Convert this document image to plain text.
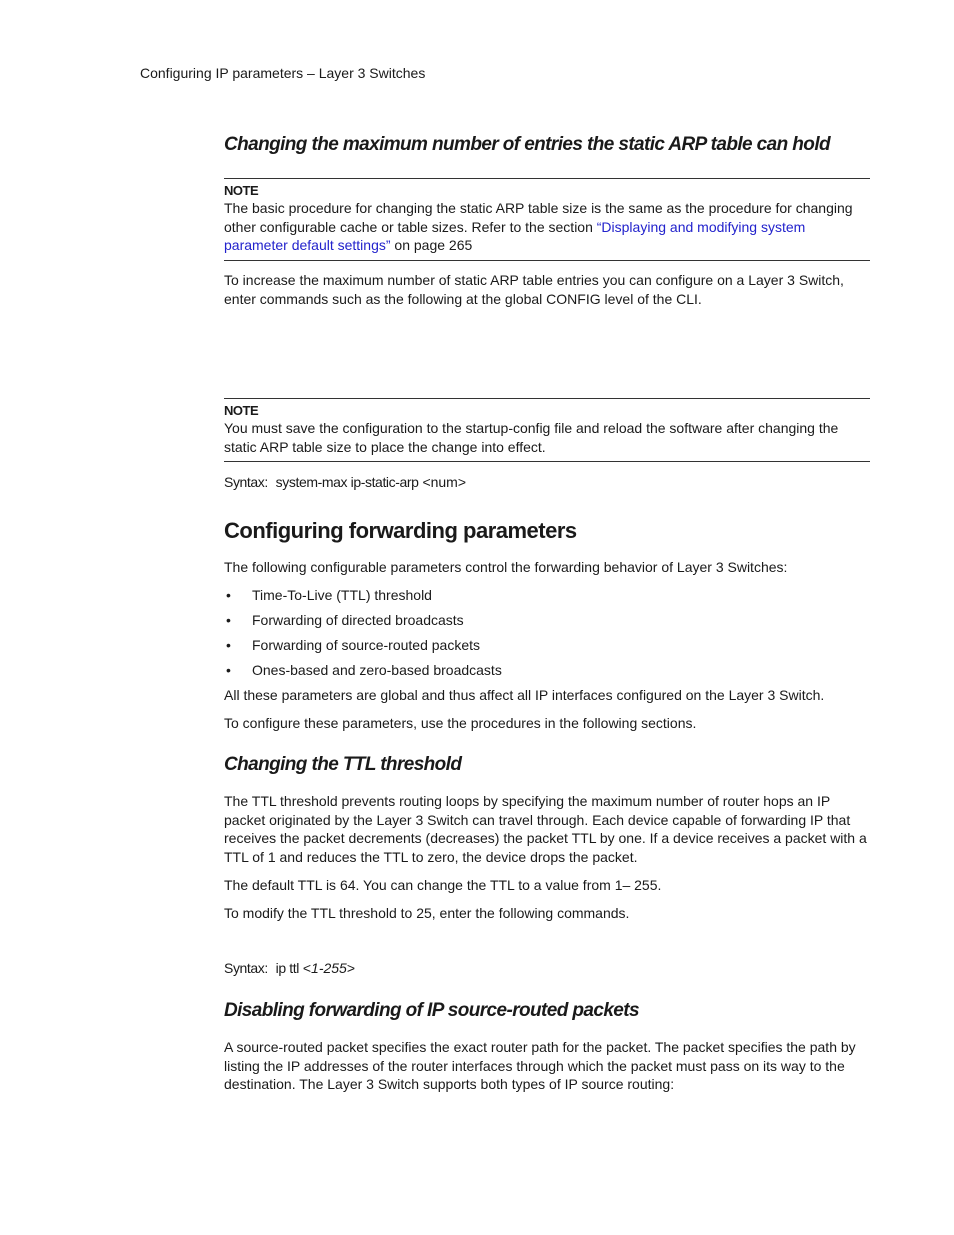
Configuring IP parameters – Layer 3 Switches
Changing the maximum number of entries the static ARP table can hold
NOTE
The basic procedure for changing the static ARP table size is the same as the procedure for changing other configurable cache or table sizes. Refer to the section “Displaying and modifying system parameter default settings” on page 265
To increase the maximum number of static ARP table entries you can configure on a Layer 3 Switch, enter commands such as the following at the global CONFIG level of the CLI.
NOTE
You must save the configuration to the startup-config file and reload the software after changing the static ARP table size to place the change into effect.
Syntax: system-max ip-static-arp <num>
Configuring forwarding parameters
The following configurable parameters control the forwarding behavior of Layer 3 Switches:
• Time-To-Live (TTL) threshold
• Forwarding of directed broadcasts
• Forwarding of source-routed packets
• Ones-based and zero-based broadcasts
All these parameters are global and thus affect all IP interfaces configured on the Layer 3 Switch.
To configure these parameters, use the procedures in the following sections.
Changing the TTL threshold
The TTL threshold prevents routing loops by specifying the maximum number of router hops an IP packet originated by the Layer 3 Switch can travel through. Each device capable of forwarding IP that receives the packet decrements (decreases) the packet TTL by one. If a device receives a packet with a TTL of 1 and reduces the TTL to zero, the device drops the packet.
The default TTL is 64. You can change the TTL to a value from 1– 255.
To modify the TTL threshold to 25, enter the following commands.
Syntax: ip ttl <1-255>
Disabling forwarding of IP source-routed packets
A source-routed packet specifies the exact router path for the packet. The packet specifies the path by listing the IP addresses of the router interfaces through which the packet must pass on its way to the destination. The Layer 3 Switch supports both types of IP source routing:
